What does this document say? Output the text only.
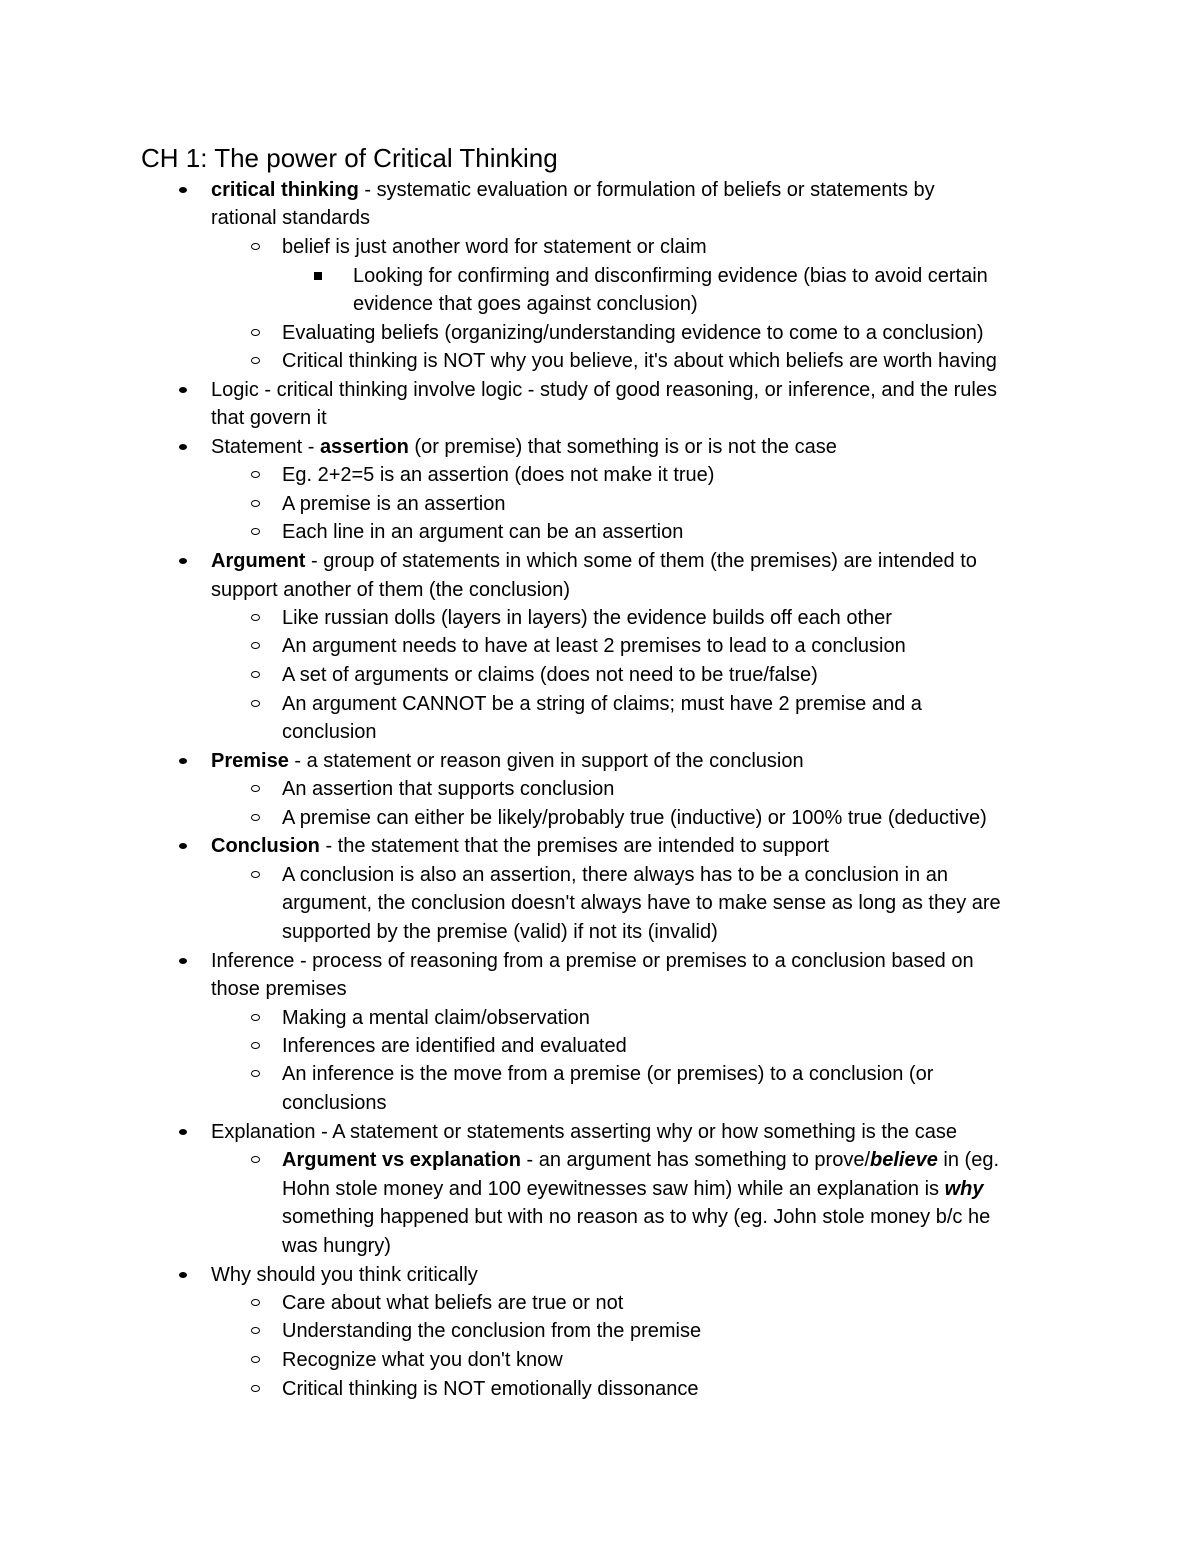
CH 1: The power of Critical Thinking
critical thinking - systematic evaluation or formulation of beliefs or statements by
rational standards
belief is just another word for statement or claim
Looking for confirming and disconfirming evidence (bias to avoid certain
evidence that goes against conclusion)
Evaluating beliefs (organizing/understanding evidence to come to a conclusion)
Critical thinking is NOT why you believe, it's about which beliefs are worth having
Logic - critical thinking involve logic - study of good reasoning, or inference, and the rules
that govern it
Statement - assertion (or premise) that something is or is not the case
Eg. 2+2=5 is an assertion (does not make it true)
A premise is an assertion
Each line in an argument can be an assertion
Argument - group of statements in which some of them (the premises) are intended to
support another of them (the conclusion)
Like russian dolls (layers in layers) the evidence builds off each other
An argument needs to have at least 2 premises to lead to a conclusion
A set of arguments or claims (does not need to be true/false)
An argument CANNOT be a string of claims; must have 2 premise and a
conclusion
Premise - a statement or reason given in support of the conclusion
An assertion that supports conclusion
A premise can either be likely/probably true (inductive) or 100% true (deductive)
Conclusion - the statement that the premises are intended to support
A conclusion is also an assertion, there always has to be a conclusion in an
argument, the conclusion doesn't always have to make sense as long as they are
supported by the premise (valid) if not its (invalid)
Inference - process of reasoning from a premise or premises to a conclusion based on
those premises
Making a mental claim/observation
Inferences are identified and evaluated
An inference is the move from a premise (or premises) to a conclusion (or
conclusions
Explanation - A statement or statements asserting why or how something is the case
Argument vs explanation - an argument has something to prove/believe in (eg.
Hohn stole money and 100 eyewitnesses saw him) while an explanation is why
something happened but with no reason as to why (eg. John stole money b/c he
was hungry)
Why should you think critically
Care about what beliefs are true or not
Understanding the conclusion from the premise
Recognize what you don't know
Critical thinking is NOT emotionally dissonance
